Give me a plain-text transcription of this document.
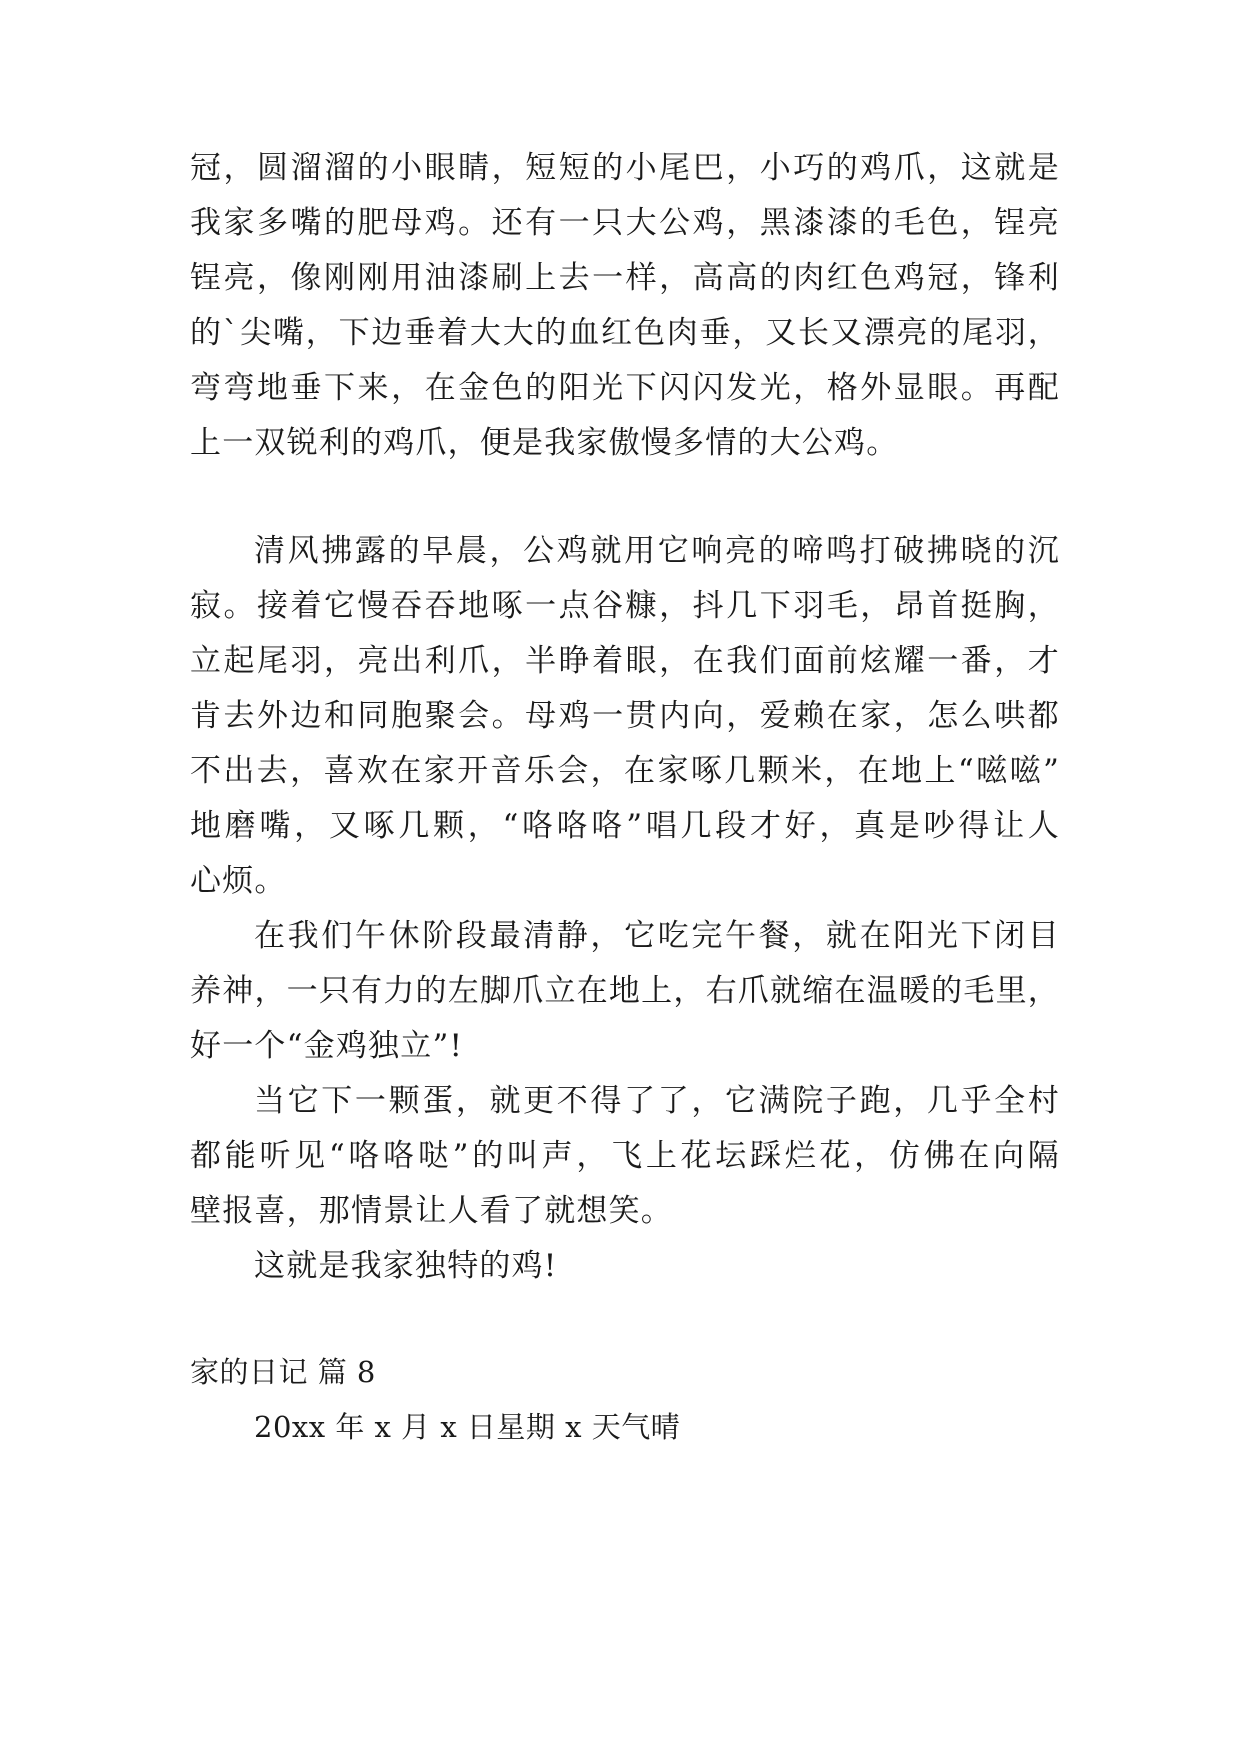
冠，圆溜溜的小眼睛，短短的小尾巴，小巧的鸡爪，这就是
我家多嘴的肥母鸡。还有一只大公鸡，黑漆漆的毛色，锃亮
锃亮，像刚刚用油漆刷上去一样，高高的肉红色鸡冠，锋利
的`尖嘴，下边垂着大大的血红色肉垂，又长又漂亮的尾羽，
弯弯地垂下来，在金色的阳光下闪闪发光，格外显眼。再配
上一双锐利的鸡爪，便是我家傲慢多情的大公鸡。
清风拂露的早晨，公鸡就用它响亮的啼鸣打破拂晓的沉
寂。接着它慢吞吞地啄一点谷糠，抖几下羽毛，昂首挺胸，
立起尾羽，亮出利爪，半睁着眼，在我们面前炫耀一番，才
肯去外边和同胞聚会。母鸡一贯内向，爱赖在家，怎么哄都
不出去，喜欢在家开音乐会，在家啄几颗米，在地上“嗞嗞”
地磨嘴，又啄几颗，“咯咯咯”唱几段才好，真是吵得让人
心烦。
在我们午休阶段最清静，它吃完午餐，就在阳光下闭目
养神，一只有力的左脚爪立在地上，右爪就缩在温暖的毛里，
好一个“金鸡独立”!
当它下一颗蛋，就更不得了了，它满院子跑，几乎全村
都能听见“咯咯哒”的叫声，飞上花坛踩烂花，仿佛在向隔
壁报喜，那情景让人看了就想笑。
这就是我家独特的鸡!
家的日记 篇 8
20xx 年 x 月 x 日星期 x 天气晴
